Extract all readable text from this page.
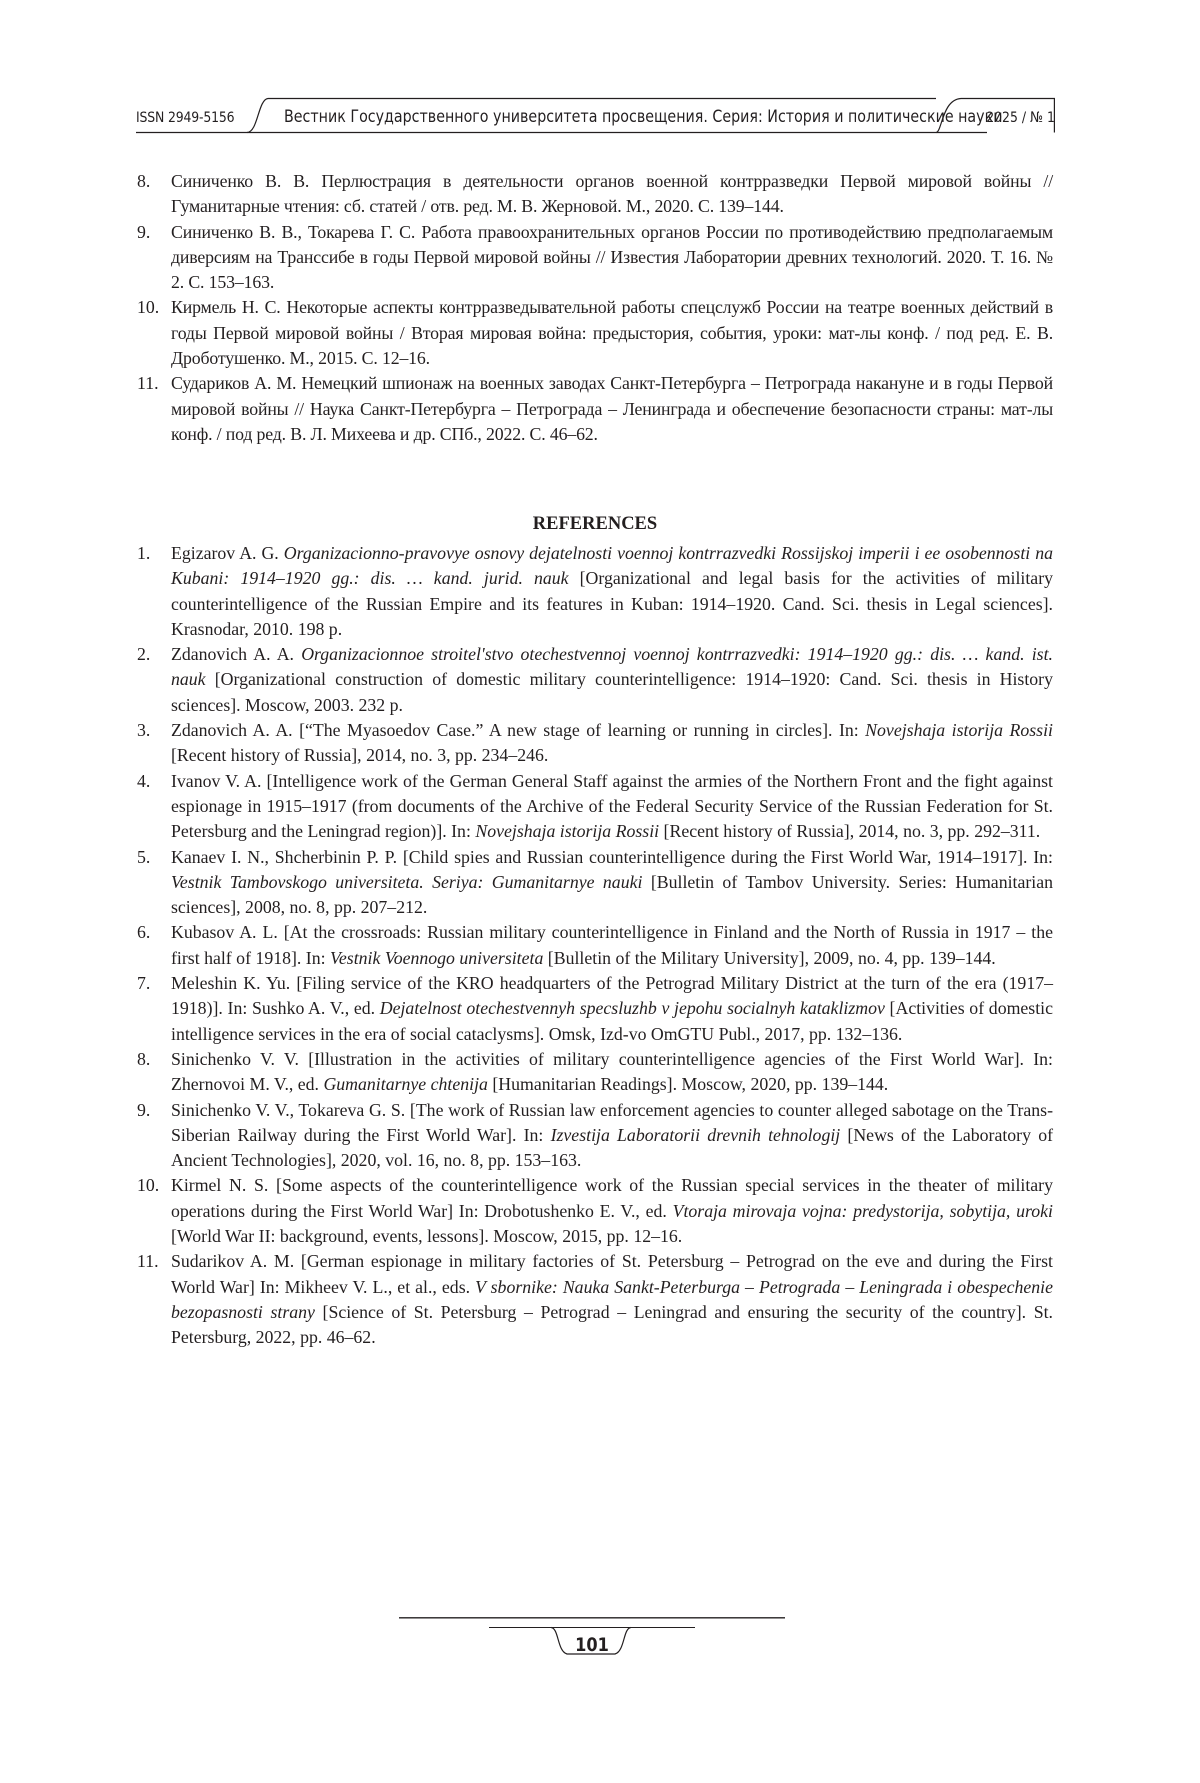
ISSN 2949-5156	Вестник Государственного университета просвещения. Серия: История и политические науки
2025 / № 1
8. Синиченко В. В. Перлюстрация в деятельности органов военной контрразведки Первой мировой войны // Гуманитарные чтения: сб. статей / отв. ред. М. В. Жерновой. М., 2020. С. 139–144.
9. Синиченко В. В., Токарева Г. С. Работа правоохранительных органов России по противодействию предполагаемым диверсиям на Транссибе в годы Первой мировой войны // Известия Лаборатории древних технологий. 2020. Т. 16. № 2. С. 153–163.
10. Кирмель Н. С. Некоторые аспекты контрразведывательной работы спецслужб России на театре военных действий в годы Первой мировой войны / Вторая мировая война: предыстория, события, уроки: мат-лы конф. / под ред. Е. В. Дроботушенко. М., 2015. С. 12–16.
11. Судариков А. М. Немецкий шпионаж на военных заводах Санкт-Петербурга – Петрограда накануне и в годы Первой мировой войны // Наука Санкт-Петербурга – Петрограда – Ленинграда и обеспечение безопасности страны: мат-лы конф. / под ред. В. Л. Михеева и др. СПб., 2022. С. 46–62.
REFERENCES
1. Egizarov A. G. Organizacionno-pravovye osnovy dejatelnosti voennoj kontrrazvedki Rossijskoj imperii i ee osobennosti na Kubani: 1914–1920 gg.: dis. … kand. jurid. nauk [Organizational and legal basis for the activities of military counterintelligence of the Russian Empire and its features in Kuban: 1914–1920. Cand. Sci. thesis in Legal sciences]. Krasnodar, 2010. 198 p.
2. Zdanovich A. A. Organizacionnoe stroitel'stvo otechestvennoj voennoj kontrrazvedki: 1914–1920 gg.: dis. … kand. ist. nauk [Organizational construction of domestic military counterintelligence: 1914–1920: Cand. Sci. thesis in History sciences]. Moscow, 2003. 232 p.
3. Zdanovich A. A. [“The Myasoedov Case.” A new stage of learning or running in circles]. In: Novejshaja istorija Rossii [Recent history of Russia], 2014, no. 3, pp. 234–246.
4. Ivanov V. A. [Intelligence work of the German General Staff against the armies of the Northern Front and the fight against espionage in 1915–1917 (from documents of the Archive of the Federal Security Service of the Russian Federation for St. Petersburg and the Leningrad region)]. In: Novejshaja istorija Rossii [Recent history of Russia], 2014, no. 3, pp. 292–311.
5. Kanaev I. N., Shcherbinin P. P. [Child spies and Russian counterintelligence during the First World War, 1914–1917]. In: Vestnik Tambovskogo universiteta. Seriya: Gumanitarnye nauki [Bulletin of Tambov University. Series: Humanitarian sciences], 2008, no. 8, pp. 207–212.
6. Kubasov A. L. [At the crossroads: Russian military counterintelligence in Finland and the North of Russia in 1917 – the first half of 1918]. In: Vestnik Voennogo universiteta [Bulletin of the Military University], 2009, no. 4, pp. 139–144.
7. Meleshin K. Yu. [Filing service of the KRO headquarters of the Petrograd Military District at the turn of the era (1917–1918)]. In: Sushko A. V., ed. Dejatelnost otechestvennyh specsluzhb v jepohu socialnyh kataklizmov [Activities of domestic intelligence services in the era of social cataclysms]. Omsk, Izd-vo OmGTU Publ., 2017, pp. 132–136.
8. Sinichenko V. V. [Illustration in the activities of military counterintelligence agencies of the First World War]. In: Zhernovoi M. V., ed. Gumanitarnye chtenija [Humanitarian Readings]. Moscow, 2020, pp. 139–144.
9. Sinichenko V. V., Tokareva G. S. [The work of Russian law enforcement agencies to counter alleged sabotage on the Trans-Siberian Railway during the First World War]. In: Izvestija Laboratorii drevnih tehnologij [News of the Laboratory of Ancient Technologies], 2020, vol. 16, no. 8, pp. 153–163.
10. Kirmel N. S. [Some aspects of the counterintelligence work of the Russian special services in the theater of military operations during the First World War] In: Drobotushenko E. V., ed. Vtoraja mirovaja vojna: predystorija, sobytija, uroki [World War II: background, events, lessons]. Moscow, 2015, pp. 12–16.
11. Sudarikov A. M. [German espionage in military factories of St. Petersburg – Petrograd on the eve and during the First World War] In: Mikheev V. L., et al., eds. V sbornike: Nauka Sankt-Peterburga – Petrograda – Leningrada i obespechenie bezopasnosti strany [Science of St. Petersburg – Petrograd – Leningrad and ensuring the security of the country]. St. Petersburg, 2022, pp. 46–62.
101
